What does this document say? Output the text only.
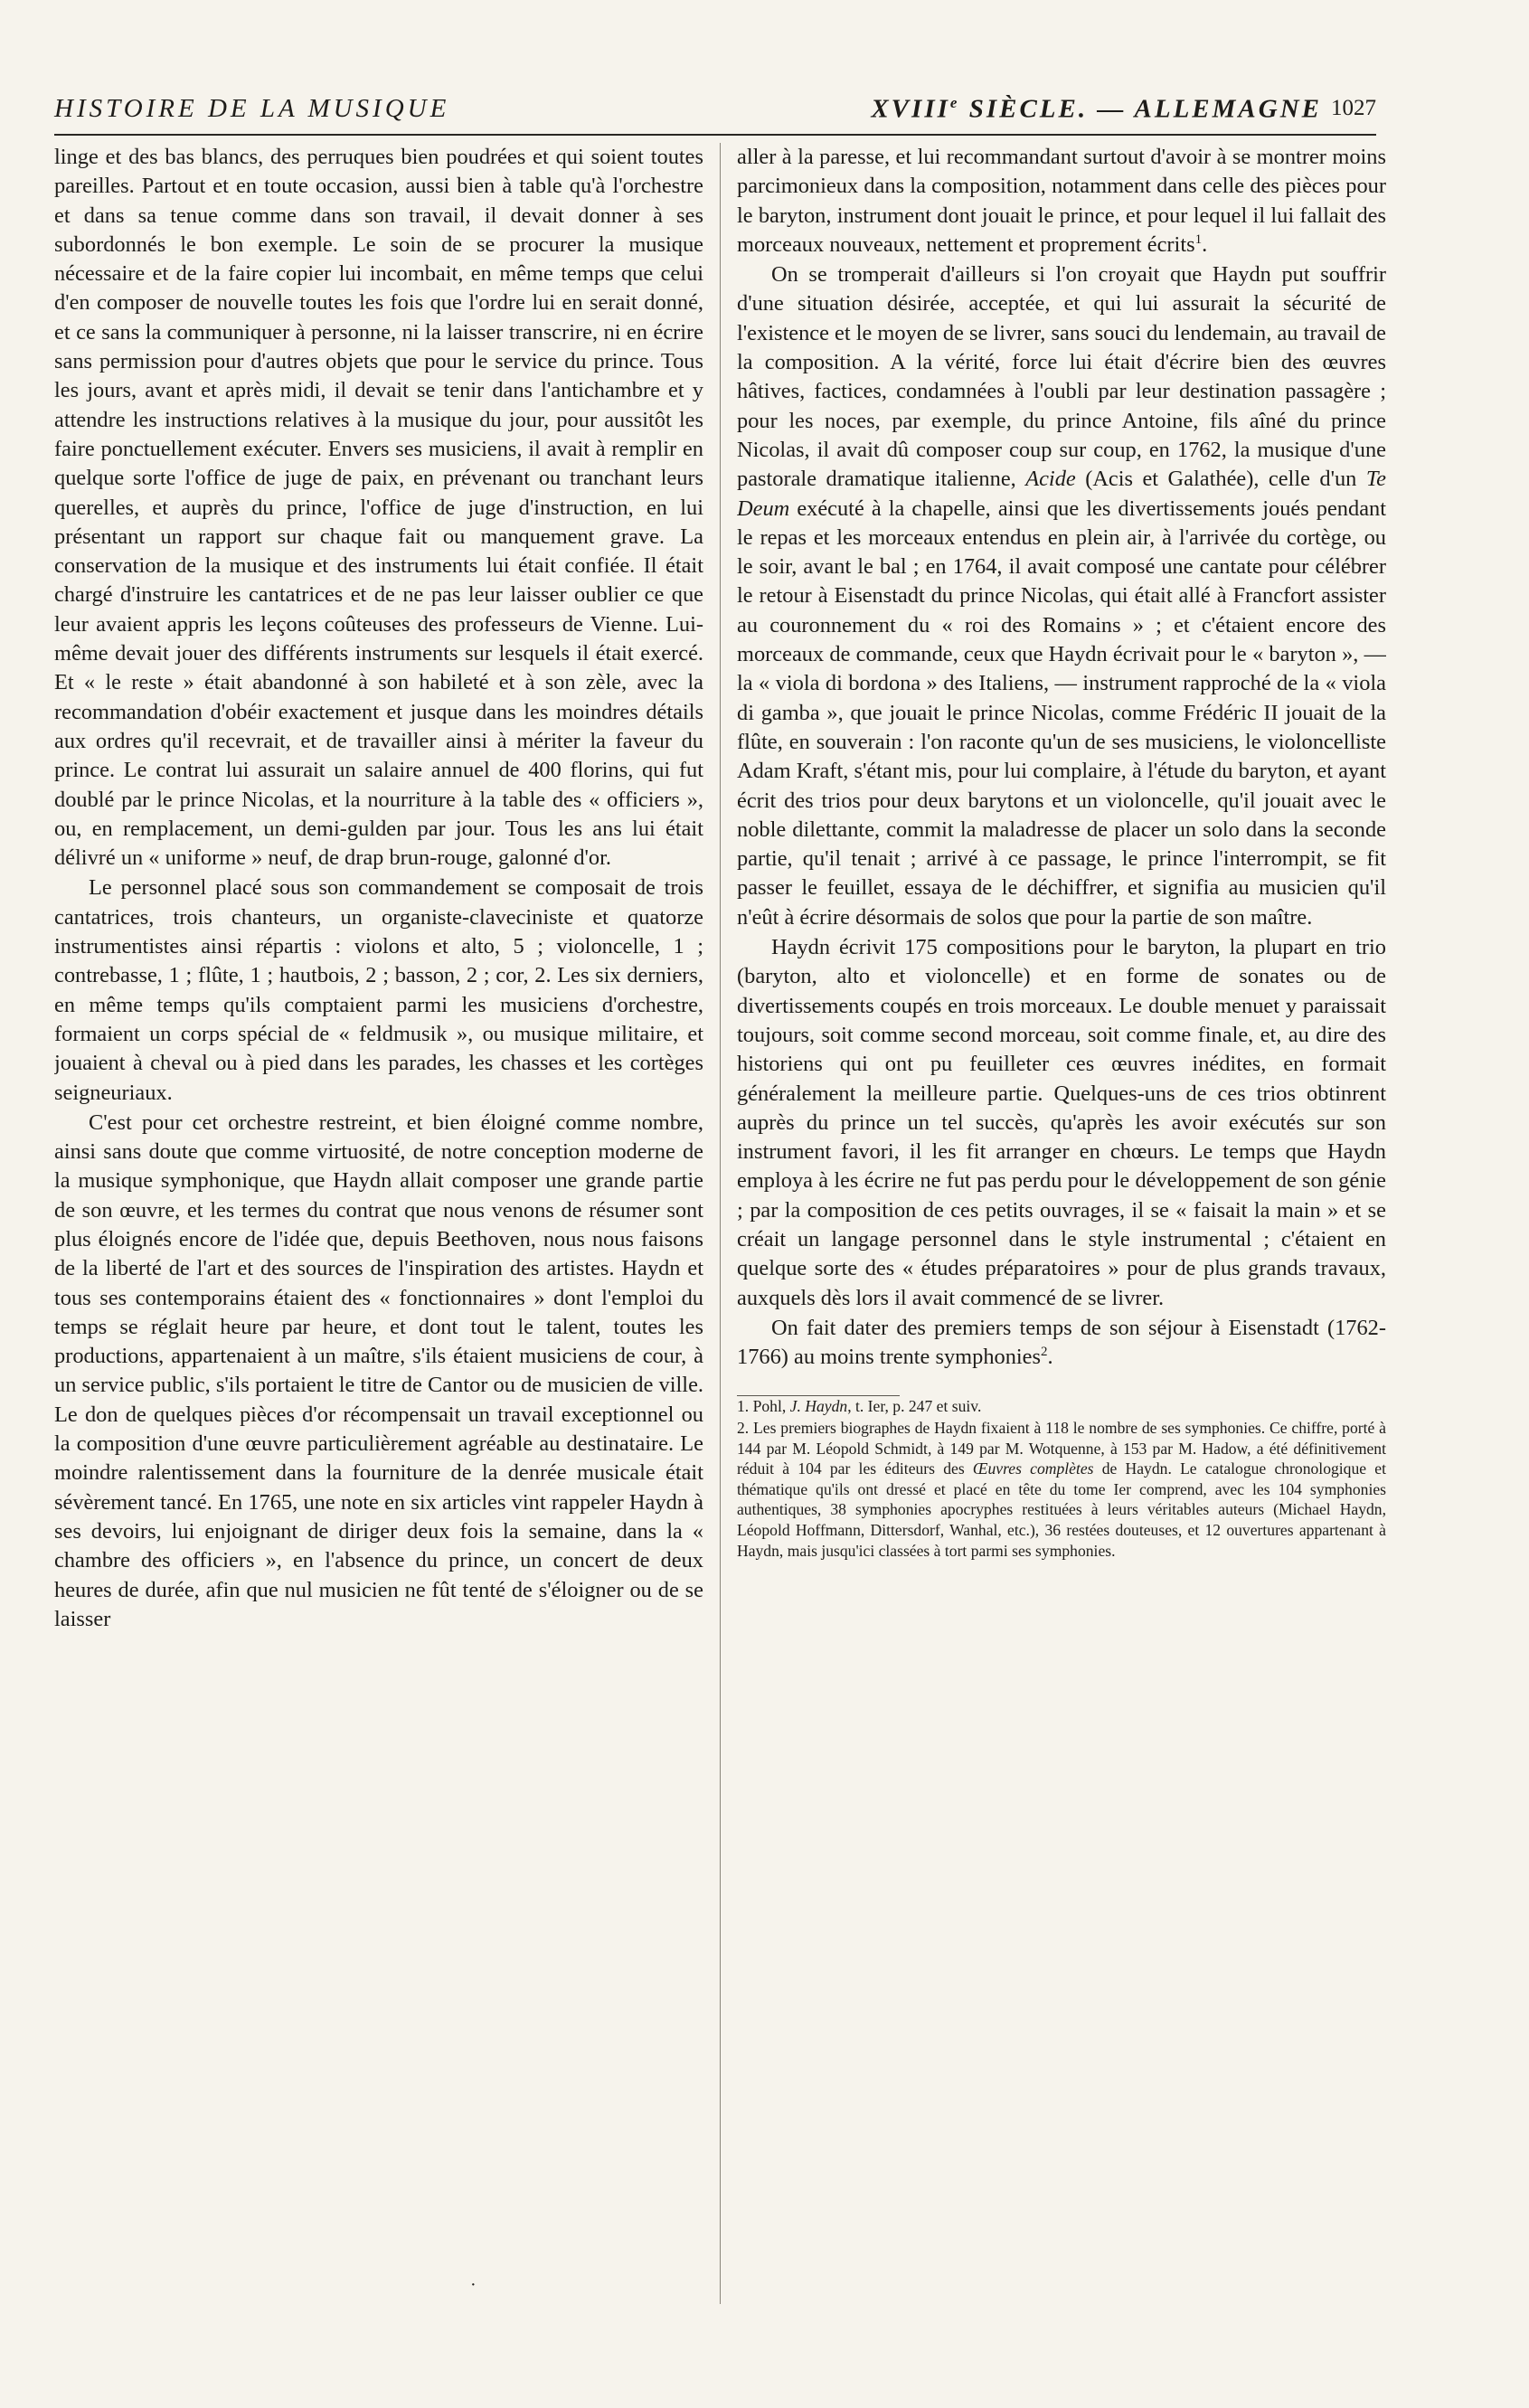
HISTOIRE DE LA MUSIQUE	XVIIIe SIÈCLE. — ALLEMAGNE 1027

linge et des bas blancs, des perruques bien poudrées et qui soient toutes pareilles. Partout et en toute occasion, aussi bien à table qu'à l'orchestre et dans sa tenue comme dans son travail, il devait donner à ses subordonnés le bon exemple. Le soin de se procurer la musique nécessaire et de la faire copier lui incombait, en même temps que celui d'en composer de nouvelle toutes les fois que l'ordre lui en serait donné, et ce sans la communiquer à personne, ni la laisser transcrire, ni en écrire sans permission pour d'autres objets que pour le service du prince. Tous les jours, avant et après midi, il devait se tenir dans l'antichambre et y attendre les instructions relatives à la musique du jour, pour aussitôt les faire ponctuellement exécuter. Envers ses musiciens, il avait à remplir en quelque sorte l'office de juge de paix, en prévenant ou tranchant leurs querelles, et auprès du prince, l'office de juge d'instruction, en lui présentant un rapport sur chaque fait ou manquement grave. La conservation de la musique et des instruments lui était confiée. Il était chargé d'instruire les cantatrices et de ne pas leur laisser oublier ce que leur avaient appris les leçons coûteuses des professeurs de Vienne. Lui-même devait jouer des différents instruments sur lesquels il était exercé. Et « le reste » était abandonné à son habileté et à son zèle, avec la recommandation d'obéir exactement et jusque dans les moindres détails aux ordres qu'il recevrait, et de travailler ainsi à mériter la faveur du prince. Le contrat lui assurait un salaire annuel de 400 florins, qui fut doublé par le prince Nicolas, et la nourriture à la table des « officiers », ou, en remplacement, un demi-gulden par jour. Tous les ans lui était délivré un « uniforme » neuf, de drap brun-rouge, galonné d'or.

Le personnel placé sous son commandement se composait de trois cantatrices, trois chanteurs, un organiste-claveciniste et quatorze instrumentistes ainsi répartis : violons et alto, 5 ; violoncelle, 1 ; contrebasse, 1 ; flûte, 1 ; hautbois, 2 ; basson, 2 ; cor, 2. Les six derniers, en même temps qu'ils comptaient parmi les musiciens d'orchestre, formaient un corps spécial de « feldmusik », ou musique militaire, et jouaient à cheval ou à pied dans les parades, les chasses et les cortèges seigneuriaux.

C'est pour cet orchestre restreint, et bien éloigné comme nombre, ainsi sans doute que comme virtuosité, de notre conception moderne de la musique symphonique, que Haydn allait composer une grande partie de son œuvre, et les termes du contrat que nous venons de résumer sont plus éloignés encore de l'idée que, depuis Beethoven, nous nous faisons de la liberté de l'art et des sources de l'inspiration des artistes. Haydn et tous ses contemporains étaient des « fonctionnaires » dont l'emploi du temps se réglait heure par heure, et dont tout le talent, toutes les productions, appartenaient à un maître, s'ils étaient musiciens de cour, à un service public, s'ils portaient le titre de Cantor ou de musicien de ville. Le don de quelques pièces d'or récompensait un travail exceptionnel ou la composition d'une œuvre particulièrement agréable au destinataire. Le moindre ralentissement dans la fourniture de la denrée musicale était sévèrement tancé. En 1765, une note en six articles vint rappeler Haydn à ses devoirs, lui enjoignant de diriger deux fois la semaine, dans la « chambre des officiers », en l'absence du prince, un concert de deux heures de durée, afin que nul musicien ne fût tenté de s'éloigner ou de se laisser

aller à la paresse, et lui recommandant surtout d'avoir à se montrer moins parcimonieux dans la composition, notamment dans celle des pièces pour le baryton, instrument dont jouait le prince, et pour lequel il lui fallait des morceaux nouveaux, nettement et proprement écrits$^1$.

On se tromperait d'ailleurs si l'on croyait que Haydn put souffrir d'une situation désirée, acceptée, et qui lui assurait la sécurité de l'existence et le moyen de se livrer, sans souci du lendemain, au travail de la composition. A la vérité, force lui était d'écrire bien des œuvres hâtives, factices, condamnées à l'oubli par leur destination passagère ; pour les noces, par exemple, du prince Antoine, fils aîné du prince Nicolas, il avait dû composer coup sur coup, en 1762, la musique d'une pastorale dramatique italienne, Acide (Acis et Galathée), celle d'un Te Deum exécuté à la chapelle, ainsi que les divertissements joués pendant le repas et les morceaux entendus en plein air, à l'arrivée du cortège, ou le soir, avant le bal ; en 1764, il avait composé une cantate pour célébrer le retour à Eisenstadt du prince Nicolas, qui était allé à Francfort assister au couronnement du « roi des Romains » ; et c'étaient encore des morceaux de commande, ceux que Haydn écrivait pour le « baryton », — la « viola di bordona » des Italiens, — instrument rapproché de la « viola di gamba », que jouait le prince Nicolas, comme Frédéric II jouait de la flûte, en souverain : l'on raconte qu'un de ses musiciens, le violoncelliste Adam Kraft, s'étant mis, pour lui complaire, à l'étude du baryton, et ayant écrit des trios pour deux barytons et un violoncelle, qu'il jouait avec le noble dilettante, commit la maladresse de placer un solo dans la seconde partie, qu'il tenait ; arrivé à ce passage, le prince l'interrompit, se fit passer le feuillet, essaya de le déchiffrer, et signifia au musicien qu'il n'eût à écrire désormais de solos que pour la partie de son maître.

Haydn écrivit 175 compositions pour le baryton, la plupart en trio (baryton, alto et violoncelle) et en forme de sonates ou de divertissements coupés en trois morceaux. Le double menuet y paraissait toujours, soit comme second morceau, soit comme finale, et, au dire des historiens qui ont pu feuilleter ces œuvres inédites, en formait généralement la meilleure partie. Quelques-uns de ces trios obtinrent auprès du prince un tel succès, qu'après les avoir exécutés sur son instrument favori, il les fit arranger en chœurs. Le temps que Haydn employa à les écrire ne fut pas perdu pour le développement de son génie ; par la composition de ces petits ouvrages, il se « faisait la main » et se créait un langage personnel dans le style instrumental ; c'étaient en quelque sorte des « études préparatoires » pour de plus grands travaux, auxquels dès lors il avait commencé de se livrer.

On fait dater des premiers temps de son séjour à Eisenstadt (1762-1766) au moins trente symphonies$^2$.

1. Pohl, J. Haydn, t. Ier, p. 247 et suiv.

2. Les premiers biographes de Haydn fixaient à 118 le nombre de ses symphonies. Ce chiffre, porté à 144 par M. Léopold Schmidt, à 149 par M. Wotquenne, à 153 par M. Hadow, a été définitivement réduit à 104 par les éditeurs des Œuvres complètes de Haydn. Le catalogue chronologique et thématique qu'ils ont dressé et placé en tête du tome Ier comprend, avec les 104 symphonies authentiques, 38 symphonies apocryphes restituées à leurs véritables auteurs (Michael Haydn, Léopold Hoffmann, Dittersdorf, Wanhal, etc.), 36 restées douteuses, et 12 ouvertures appartenant à Haydn, mais jusqu'ici classées à tort parmi ses symphonies.

·
